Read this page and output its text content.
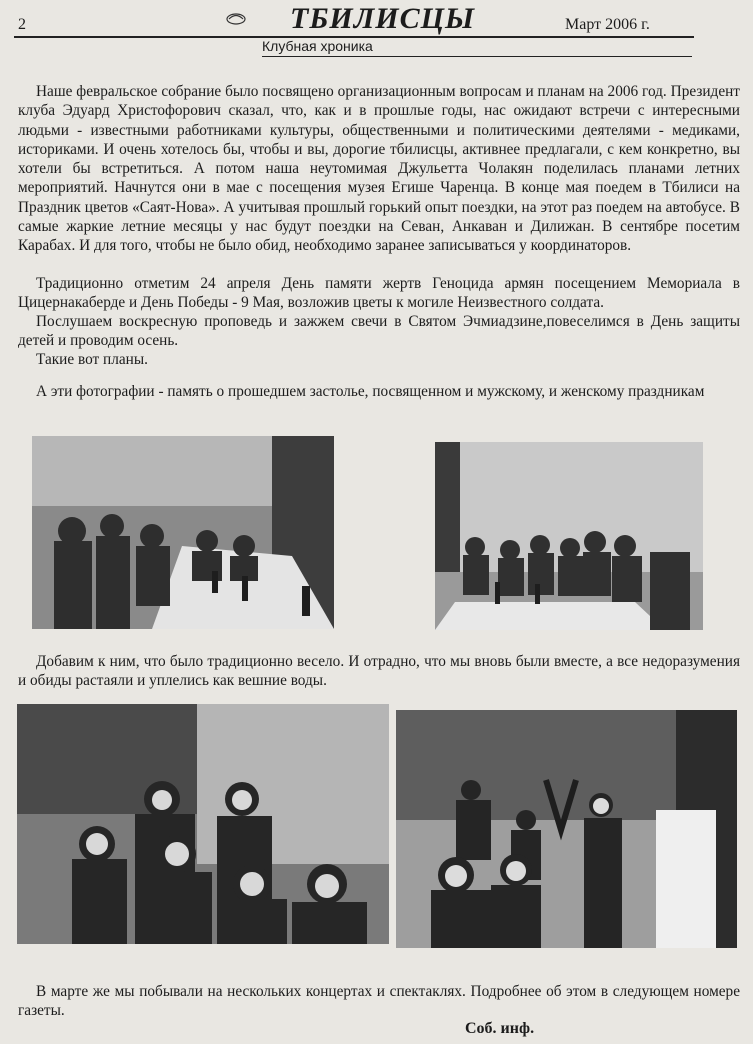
2	ТБИЛИСЦЫ	Март 2006 г.
Клубная хроника

Наше февральское собрание было посвящено организационным вопросам и планам на 2006 год. Президент клуба Эдуард Христофорович сказал, что, как и в прошлые годы, нас ожидают встречи с интересными людьми - известными работниками культуры, общественными и политическими деятелями - медиками, историками. И очень хотелось бы, чтобы и вы, дорогие тбилисцы, активнее предлагали, с кем конкретно, вы хотели бы встретиться. А потом наша неутомимая Джульетта Чолакян поделилась планами летних мероприятий. Начнутся они в мае с посещения музея Егише Чаренца. В конце мая поедем в Тбилиси на Праздник цветов «Саят-Нова». А учитывая прошлый горький опыт поездки, на этот раз поедем на автобусе. В самые жаркие летние месяцы у нас будут поездки на Севан, Анкаван и Дилижан. В сентябре посетим Карабах. И для того, чтобы не было обид, необходимо заранее записываться у координаторов.

Традиционно отметим 24 апреля День памяти жертв Геноцида армян посещением Мемориала в Цицернакаберде и День Победы - 9 Мая, возложив цветы к могиле Неизвестного солдата.

Послушаем воскресную проповедь и зажжем свечи в Святом Эчмиадзине,повеселимся в День защиты детей и проводим осень.

Такие вот планы.

А эти фотографии - память о прошедшем застолье, посвященном и мужскому, и женскому праздникам

Добавим к ним, что было традиционно весело. И отрадно, что мы вновь были вместе, а все недоразумения и обиды растаяли и уплелись как вешние воды.

В марте же мы побывали на нескольких концертах и спектаклях. Подробнее об этом в следующем номере газеты.

Соб. инф.
